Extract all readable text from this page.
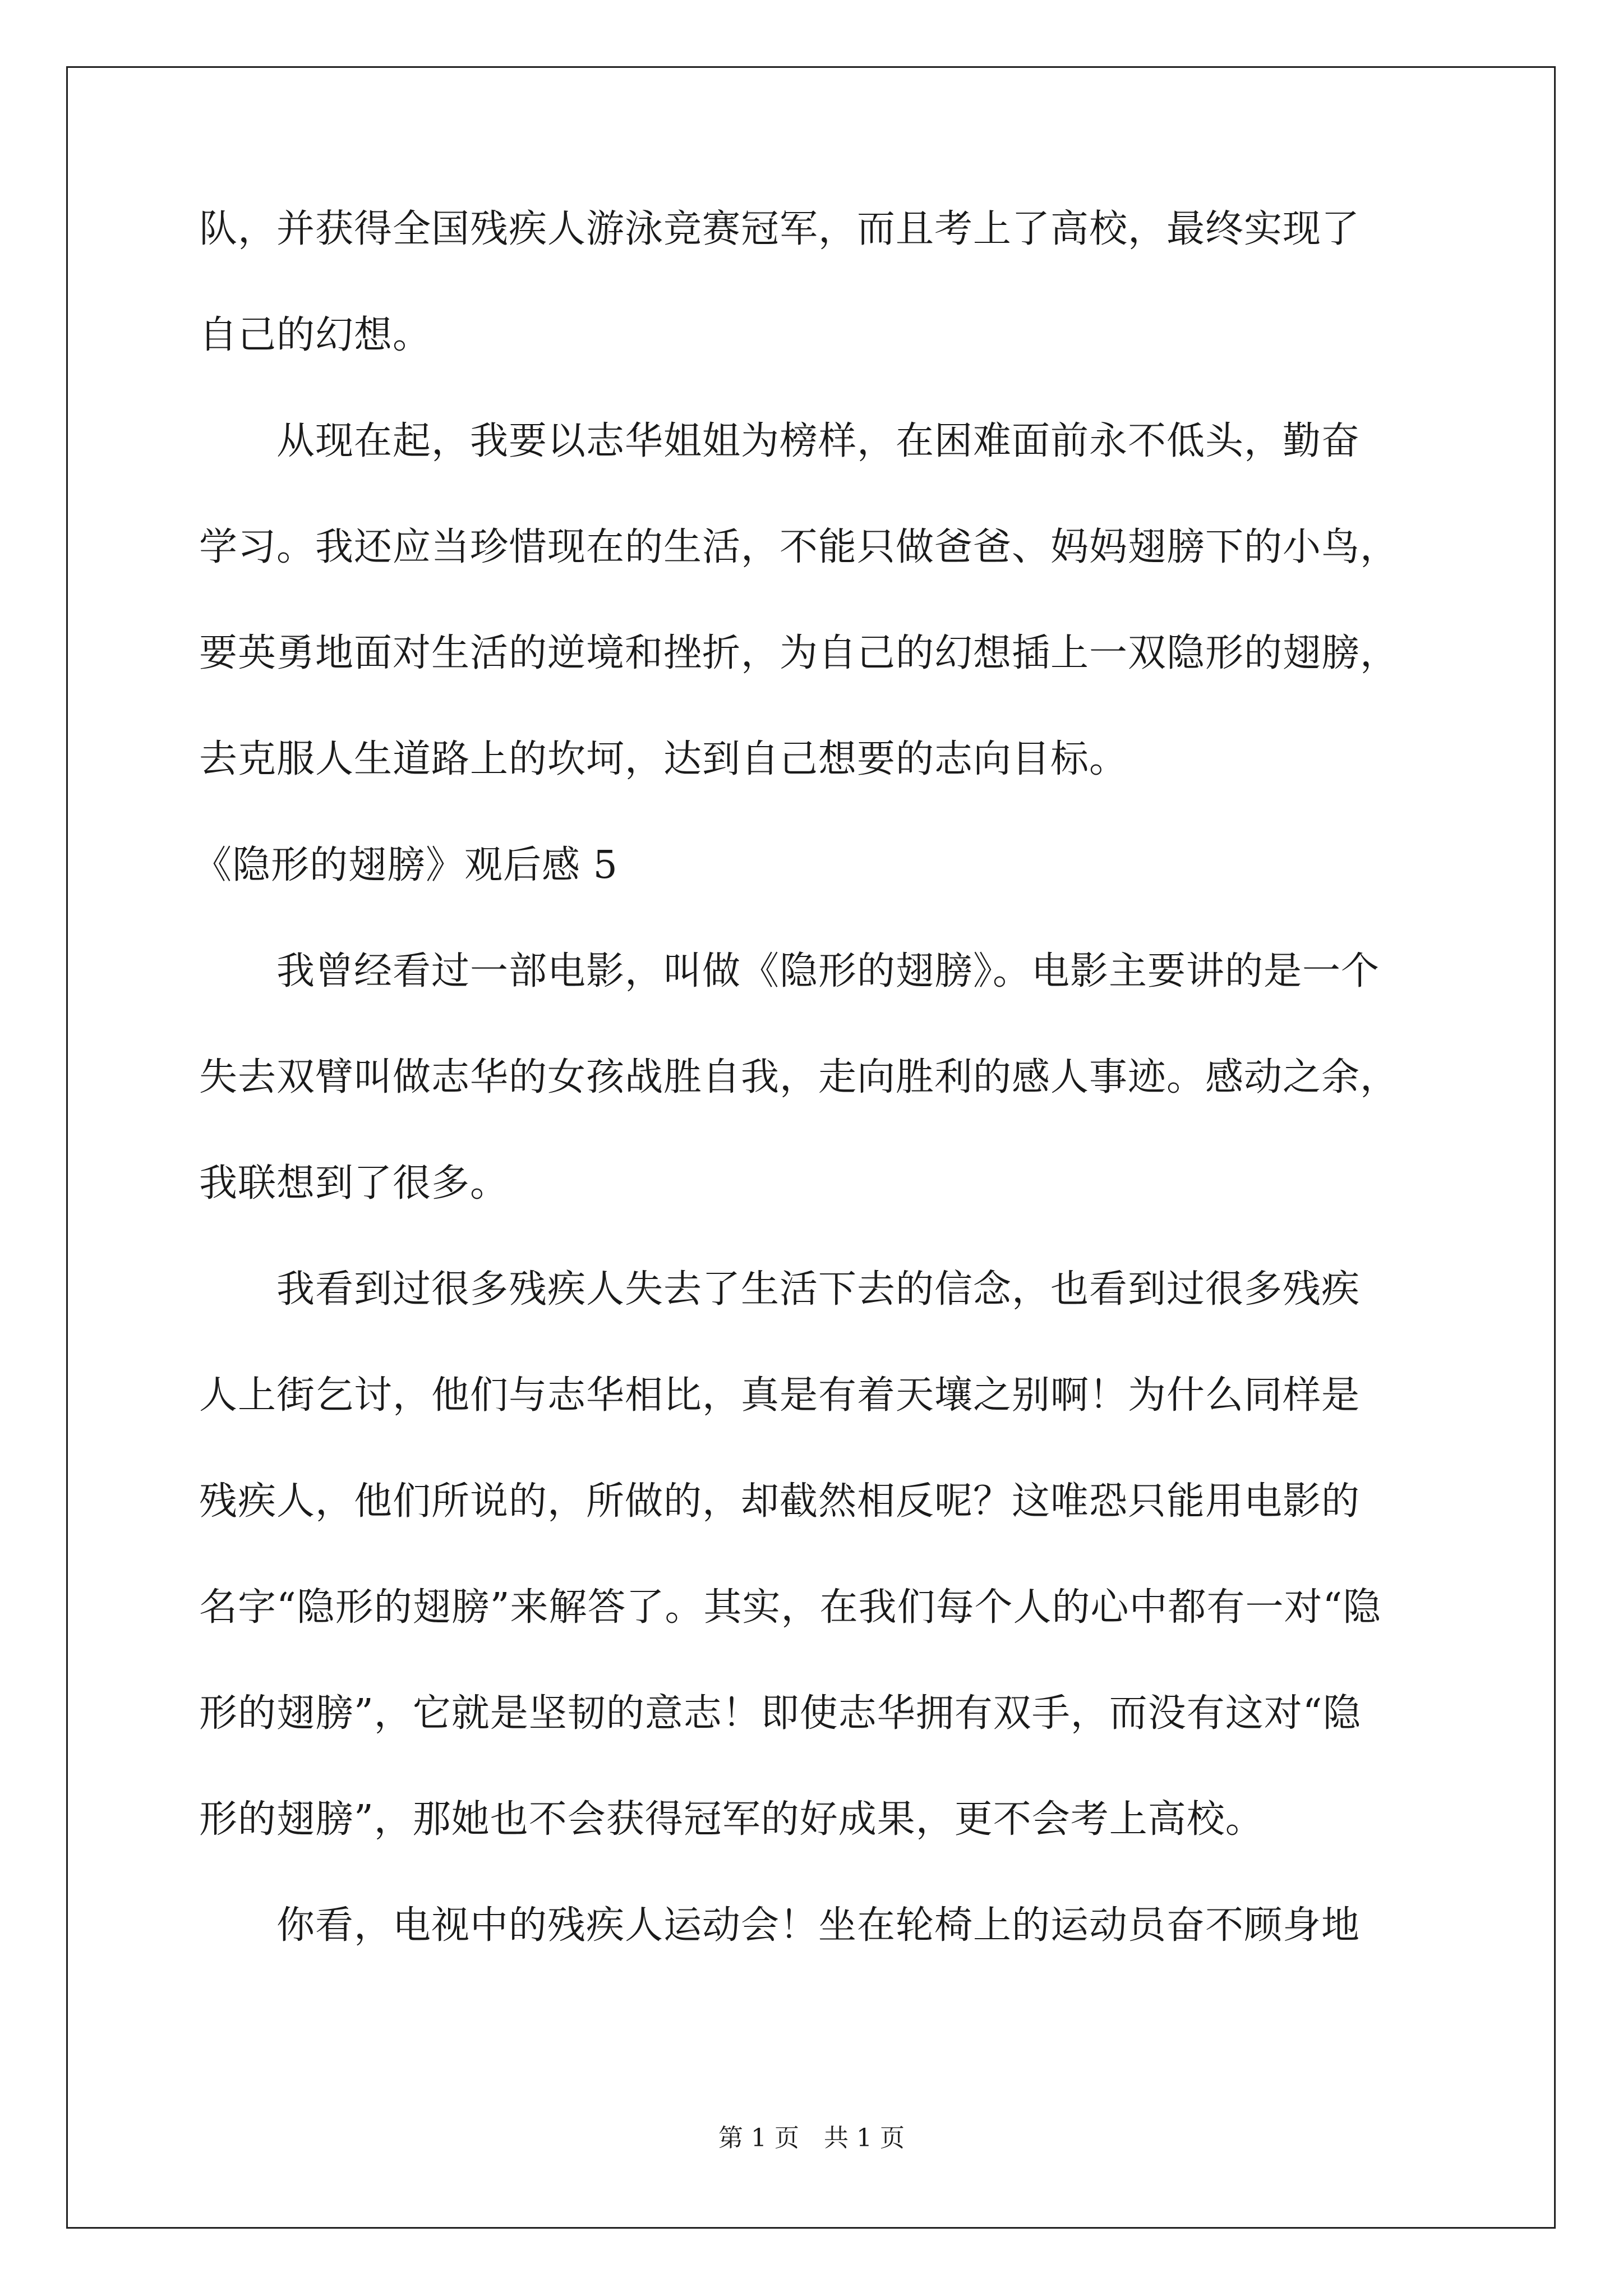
队，并获得全国残疾人游泳竞赛冠军，而且考上了高校，最终实现了

自己的幻想。

　　从现在起，我要以志华姐姐为榜样，在困难面前永不低头，勤奋

学习。我还应当珍惜现在的生活，不能只做爸爸、妈妈翅膀下的小鸟，

要英勇地面对生活的逆境和挫折，为自己的幻想插上一双隐形的翅膀，

去克服人生道路上的坎坷，达到自己想要的志向目标。

《隐形的翅膀》观后感 5

　　我曾经看过一部电影，叫做《隐形的翅膀》。电影主要讲的是一个

失去双臂叫做志华的女孩战胜自我，走向胜利的感人事迹。感动之余，

我联想到了很多。

　　我看到过很多残疾人失去了生活下去的信念，也看到过很多残疾

人上街乞讨，他们与志华相比，真是有着天壤之别啊！为什么同样是

残疾人，他们所说的，所做的，却截然相反呢？这唯恐只能用电影的

名字“隐形的翅膀”来解答了。其实，在我们每个人的心中都有一对“隐

形的翅膀”，它就是坚韧的意志！即使志华拥有双手，而没有这对“隐

形的翅膀”，那她也不会获得冠军的好成果，更不会考上高校。

　　你看，电视中的残疾人运动会！坐在轮椅上的运动员奋不顾身地

第 1 页　共 1 页
